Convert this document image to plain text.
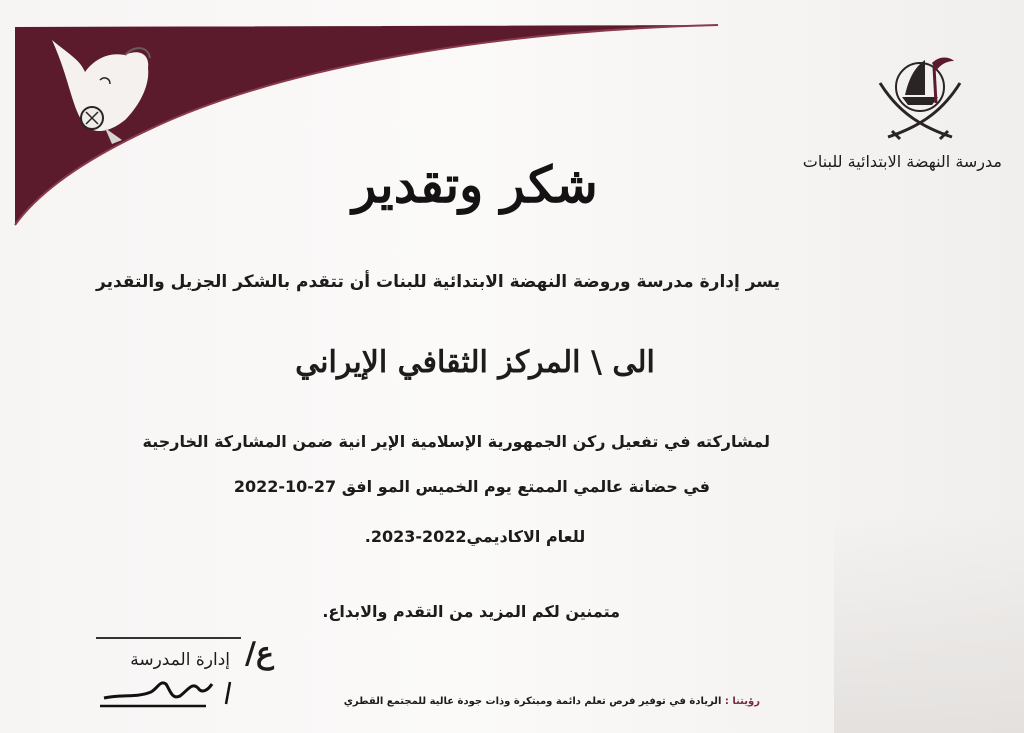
مدرسة النهضة الابتدائية للبنات
شكر وتقدير
يسر إدارة مدرسة وروضة النهضة الابتدائية للبنات أن تتقدم بالشكر الجزيل والتقدير
الى \ المركز الثقافي الإيراني
لمشاركته في تفعيل ركن الجمهورية الإسلامية الإير انية ضمن المشاركة الخارجية
في حضانة عالمي الممتع يوم الخميس المو افق 27-10-2022
للعام الاكاديمي2022-2023.
متمنين لكم المزيد من التقدم والابداع.
إدارة المدرسة ع/
رؤيتنا : الريادة في توفير فرص تعلم دائمة ومبتكرة وذات جودة عالية للمجتمع القطري
